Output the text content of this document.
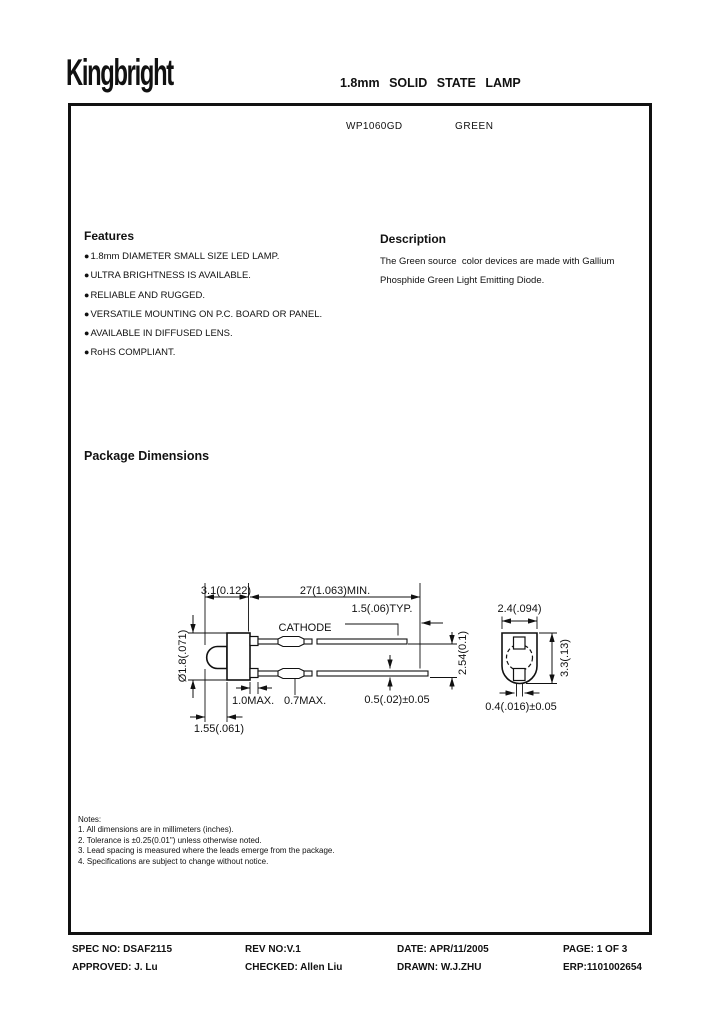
Kingbright	1.8mm SOLID STATE LAMP
WP1060GD	GREEN
Features
●1.8mm DIAMETER SMALL SIZE LED LAMP.
●ULTRA BRIGHTNESS IS AVAILABLE.
●RELIABLE AND RUGGED.
●VERSATILE MOUNTING ON P.C. BOARD OR PANEL.
●AVAILABLE IN DIFFUSED LENS.
●RoHS COMPLIANT.
Description
The Green source  color devices are made with Gallium
Phosphide Green Light Emitting Diode.
Package Dimensions
3.1(0.122)	27(1.063)MIN.
1.5(.06)TYP.
CATHODE
Ø1.8(.071)
1.0MAX. 0.7MAX.	0.5(.02)±0.05
1.55(.061)
2.54(0.1)
2.4(.094)
3.3(.13)
0.4(.016)±0.05
Notes:
1. All dimensions are in millimeters (inches).
2. Tolerance is ±0.25(0.01") unless otherwise noted.
3. Lead spacing is measured where the leads emerge from the package.
4. Specifications are subject to change without notice.
SPEC NO: DSAF2115	REV NO:V.1	DATE: APR/11/2005	PAGE: 1 OF 3
APPROVED: J. Lu	CHECKED: Allen Liu	DRAWN: W.J.ZHU	ERP:1101002654
